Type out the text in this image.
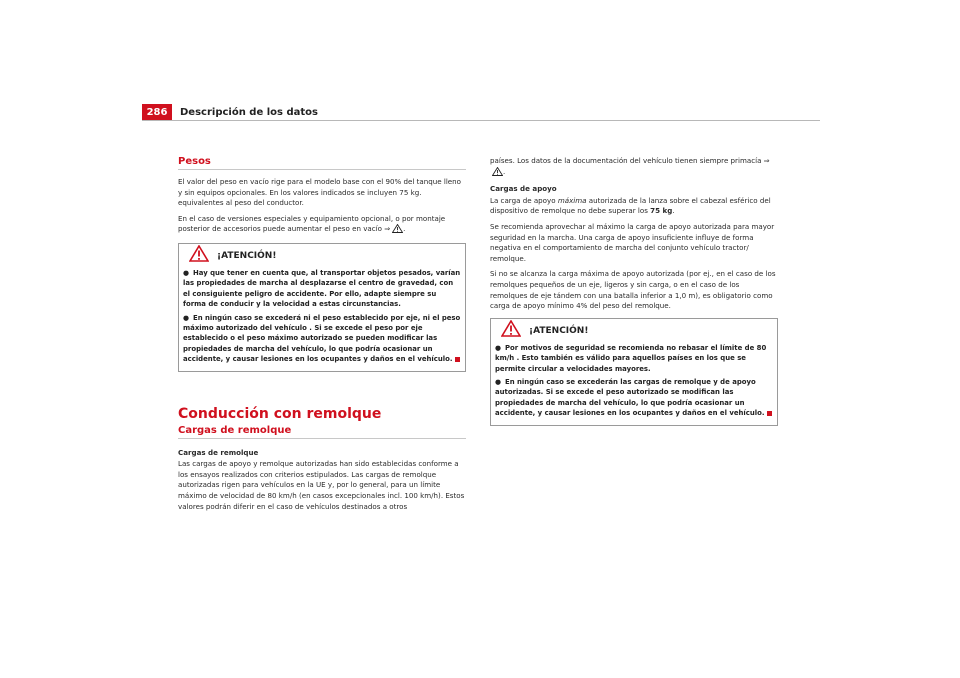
286	Descripción de los datos
Pesos

El valor del peso en vacío rige para el modelo base con el 90% del tanque lleno y sin equipos opcionales. En los valores indicados se incluyen 75 kg. equivalentes al peso del conductor.

En el caso de versiones especiales y equipamiento opcional, o por montaje posterior de accesorios puede aumentar el peso en vacío ⇒ .

¡ATENCIÓN!
● Hay que tener en cuenta que, al transportar objetos pesados, varían las propiedades de marcha al desplazarse el centro de gravedad, con el consiguiente peligro de accidente. Por ello, adapte siempre su forma de conducir y la velocidad a estas circunstancias.
● En ningún caso se excederá ni el peso establecido por eje, ni el peso máximo autorizado del vehículo . Si se excede el peso por eje establecido o el peso máximo autorizado se pueden modificar las propiedades de marcha del vehículo, lo que podría ocasionar un accidente, y causar lesiones en los ocupantes y daños en el vehículo.
Conducción con remolque
Cargas de remolque

Cargas de remolque

Las cargas de apoyo y remolque autorizadas han sido establecidas conforme a los ensayos realizados con criterios estipulados. Las cargas de remolque autorizadas rigen para vehículos en la UE y, por lo general, para un límite máximo de velocidad de 80 km/h (en casos excepcionales incl. 100 km/h). Estos valores podrán diferir en el caso de vehículos destinados a otros

países. Los datos de la documentación del vehículo tienen siempre primacía ⇒.

Cargas de apoyo

La carga de apoyo máxima autorizada de la lanza sobre el cabezal esférico del dispositivo de remolque no debe superar los 75 kg.

Se recomienda aprovechar al máximo la carga de apoyo autorizada para mayor seguridad en la marcha. Una carga de apoyo insuficiente influye de forma negativa en el comportamiento de marcha del conjunto vehículo tractor/ remolque.

Si no se alcanza la carga máxima de apoyo autorizada (por ej., en el caso de los remolques pequeños de un eje, ligeros y sin carga, o en el caso de los remolques de eje tándem con una batalla inferior a 1,0 m), es obligatorio como carga de apoyo mínimo 4% del peso del remolque.

¡ATENCIÓN!
● Por motivos de seguridad se recomienda no rebasar el límite de 80 km/h . Esto también es válido para aquellos países en los que se permite circular a velocidades mayores.
● En ningún caso se excederán las cargas de remolque y de apoyo autorizadas. Si se excede el peso autorizado se modifican las propiedades de marcha del vehículo, lo que podría ocasionar un accidente, y causar lesiones en los ocupantes y daños en el vehículo.
